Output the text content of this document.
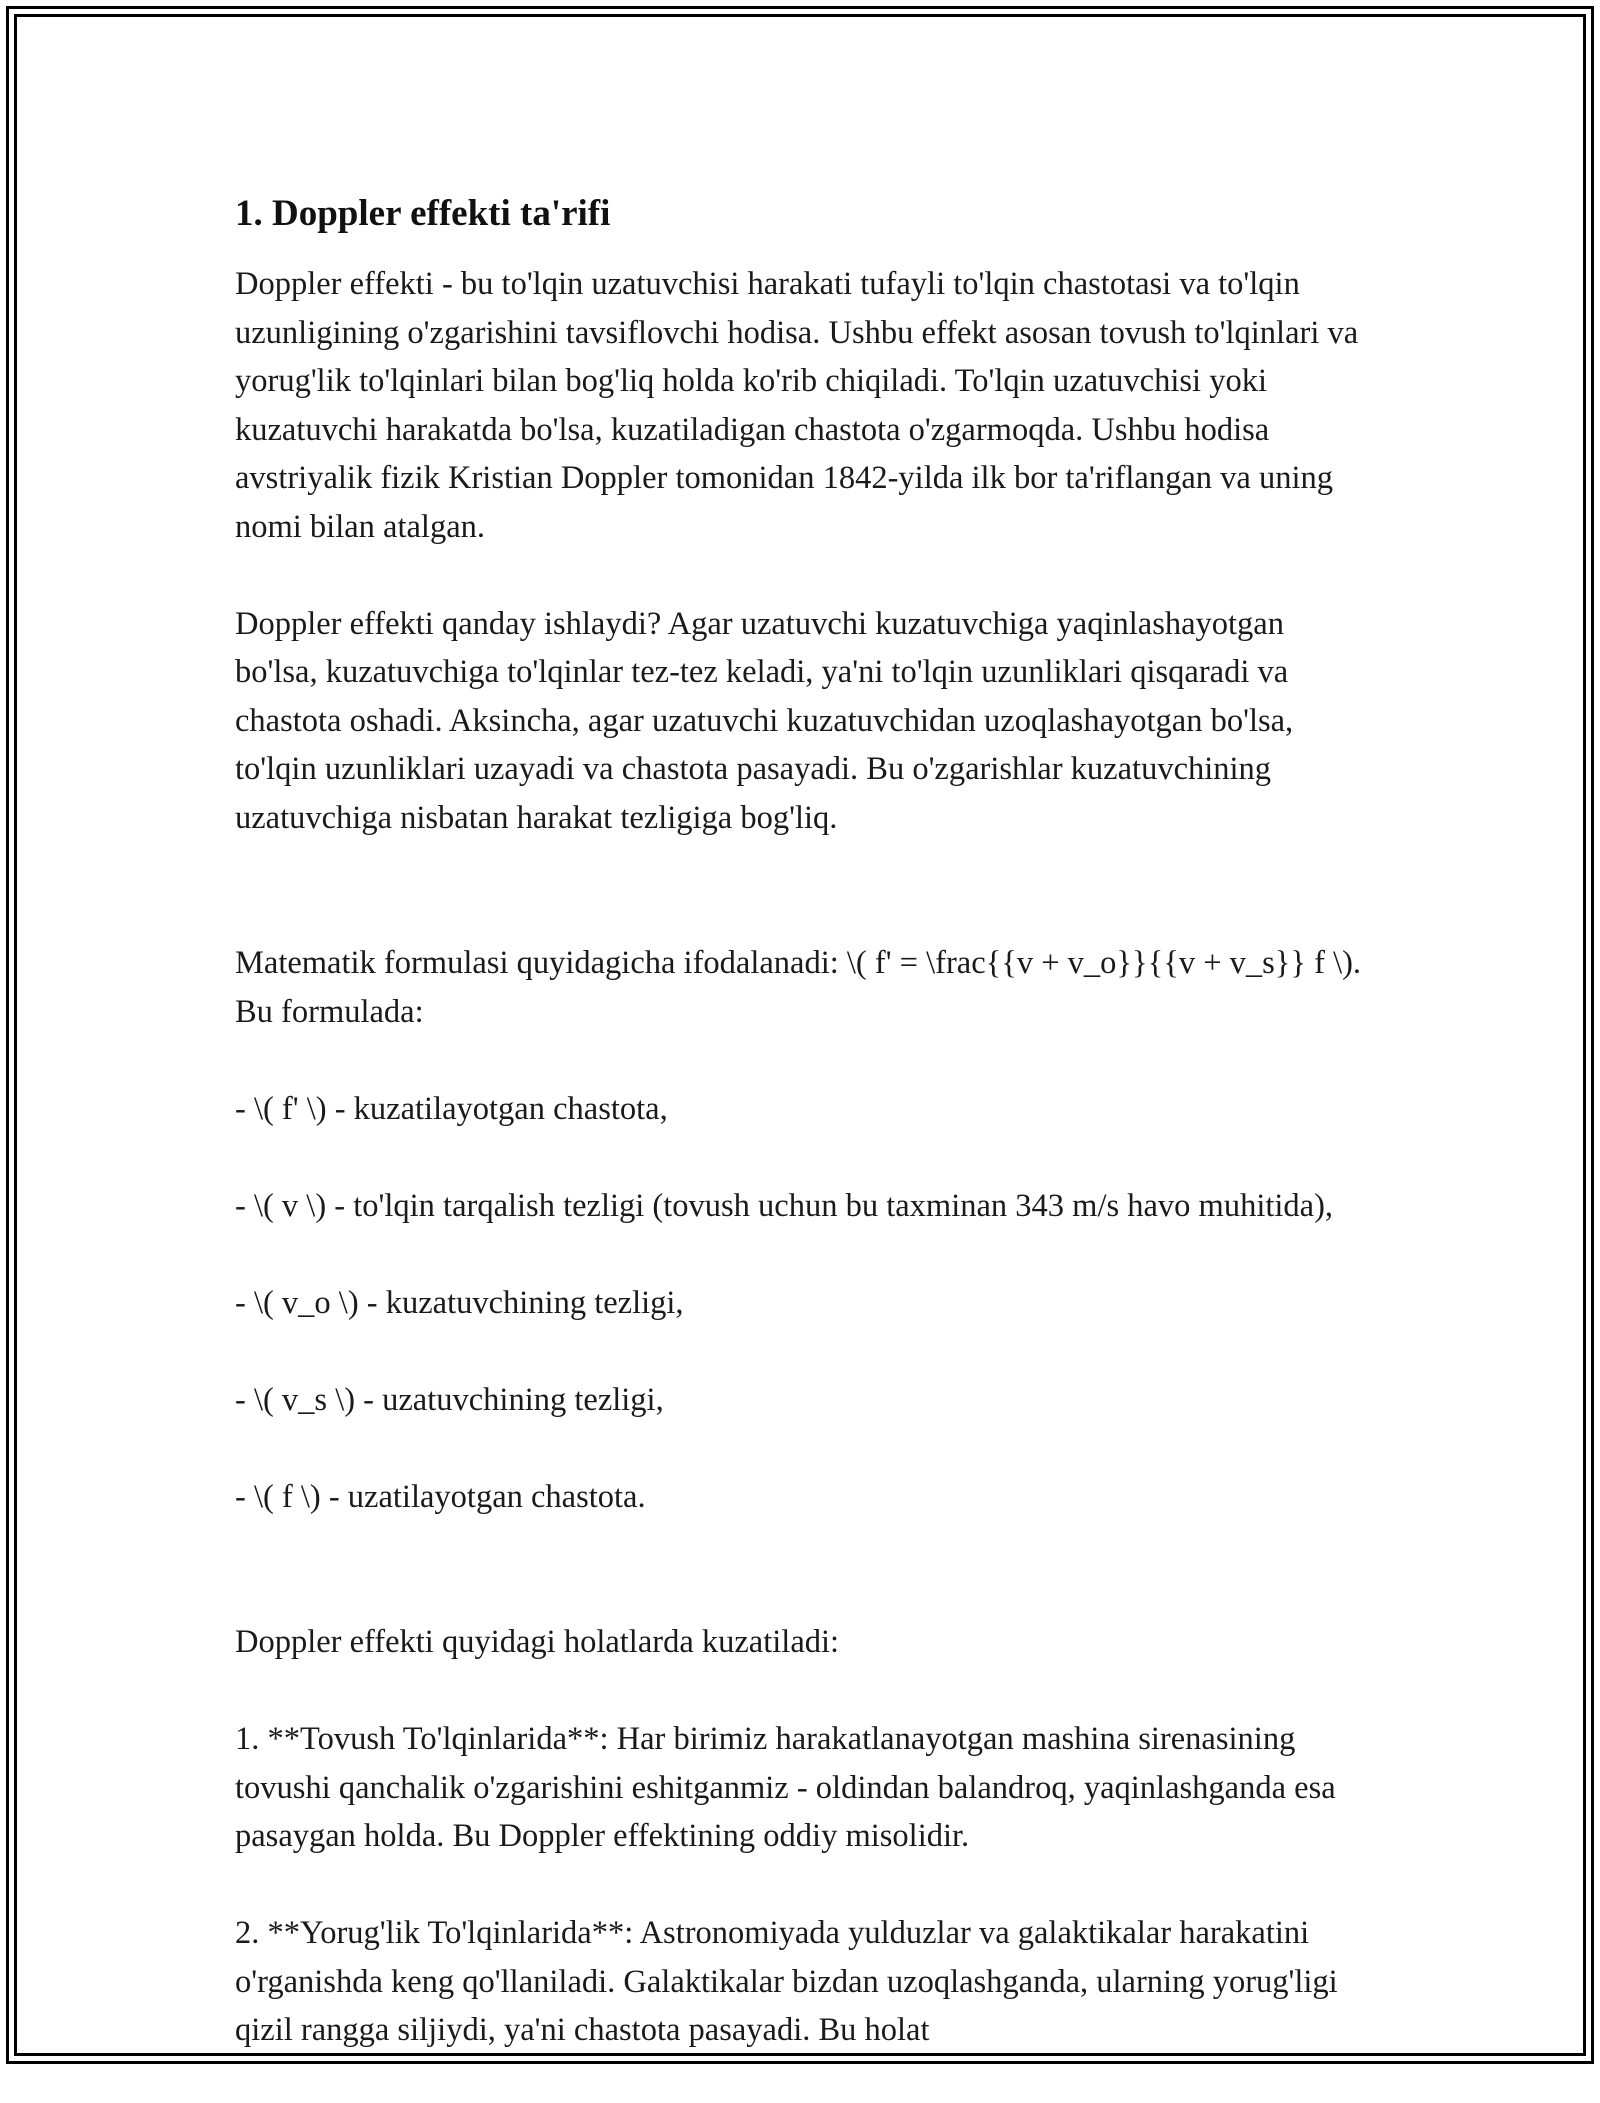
1. Doppler effekti ta'rifi

Doppler effekti - bu to'lqin uzatuvchisi harakati tufayli to'lqin chastotasi va to'lqin uzunligining o'zgarishini tavsiflovchi hodisa. Ushbu effekt asosan tovush to'lqinlari va yorug'lik to'lqinlari bilan bog'liq holda ko'rib chiqiladi. To'lqin uzatuvchisi yoki kuzatuvchi harakatda bo'lsa, kuzatiladigan chastota o'zgarmoqda. Ushbu hodisa avstriyalik fizik Kristian Doppler tomonidan 1842-yilda ilk bor ta'riflangan va uning nomi bilan atalgan.

Doppler effekti qanday ishlaydi? Agar uzatuvchi kuzatuvchiga yaqinlashayotgan bo'lsa, kuzatuvchiga to'lqinlar tez-tez keladi, ya'ni to'lqin uzunliklari qisqaradi va chastota oshadi. Aksincha, agar uzatuvchi kuzatuvchidan uzoqlashayotgan bo'lsa, to'lqin uzunliklari uzayadi va chastota pasayadi. Bu o'zgarishlar kuzatuvchining uzatuvchiga nisbatan harakat tezligiga bog'liq.

Matematik formulasi quyidagicha ifodalanadi: \( f' = \frac{{v + v_o}}{{v + v_s}} f \). Bu formulada:

- \( f' \) - kuzatilayotgan chastota,

- \( v \) - to'lqin tarqalish tezligi (tovush uchun bu taxminan 343 m/s havo muhitida),

- \( v_o \) - kuzatuvchining tezligi,

- \( v_s \) - uzatuvchining tezligi,

- \( f \) - uzatilayotgan chastota.

Doppler effekti quyidagi holatlarda kuzatiladi:

1. **Tovush To'lqinlarida**: Har birimiz harakatlanayotgan mashina sirenasining tovushi qanchalik o'zgarishini eshitganmiz - oldindan balandroq, yaqinlashganda esa pasaygan holda. Bu Doppler effektining oddiy misolidir.

2. **Yorug'lik To'lqinlarida**: Astronomiyada yulduzlar va galaktikalar harakatini o'rganishda keng qo'llaniladi. Galaktikalar bizdan uzoqlashganda, ularning yorug'ligi qizil rangga siljiydi, ya'ni chastota pasayadi. Bu holat
